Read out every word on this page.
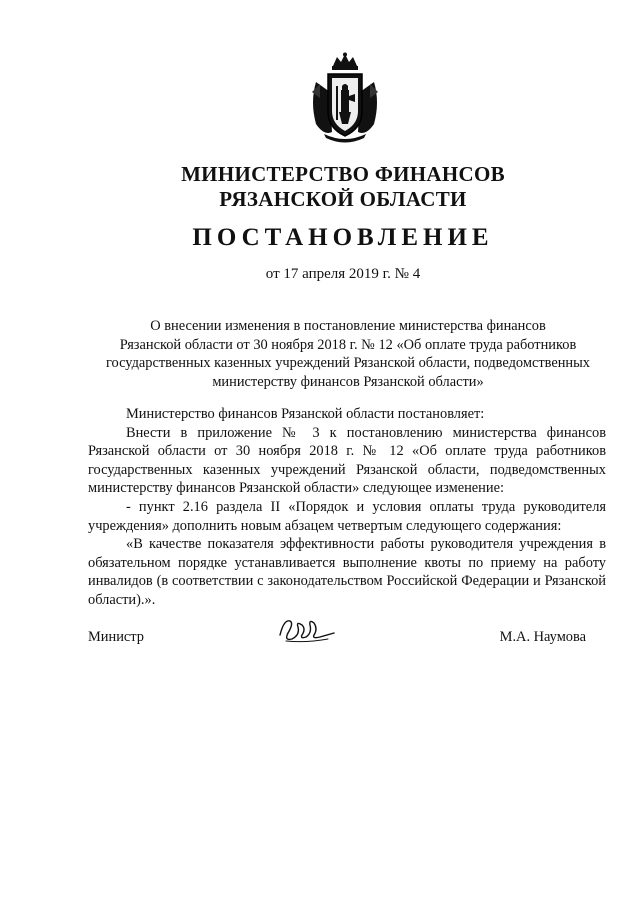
МИНИСТЕРСТВО ФИНАНСОВ
РЯЗАНСКОЙ ОБЛАСТИ
ПОСТАНОВЛЕНИЕ
от 17 апреля 2019 г. № 4
О внесении изменения в постановление министерства финансов
Рязанской области от 30 ноября 2018 г. № 12 «Об оплате труда работников
государственных казенных учреждений Рязанской области, подведомственных
министерству финансов Рязанской области»

Министерство финансов Рязанской области постановляет:

Внести в приложение № 3 к постановлению министерства финансов Рязанской области от 30 ноября 2018 г. № 12 «Об оплате труда работников государственных казенных учреждений Рязанской области, подведомственных министерству финансов Рязанской области» следующее изменение:

- пункт 2.16 раздела II «Порядок и условия оплаты труда руководителя учреждения» дополнить новым абзацем четвертым следующего содержания:

«В качестве показателя эффективности работы руководителя учреждения в обязательном порядке устанавливается выполнение квоты по приему на работу инвалидов (в соответствии с законодательством Российской Федерации и Рязанской области).».

Министр	М.А. Наумова
